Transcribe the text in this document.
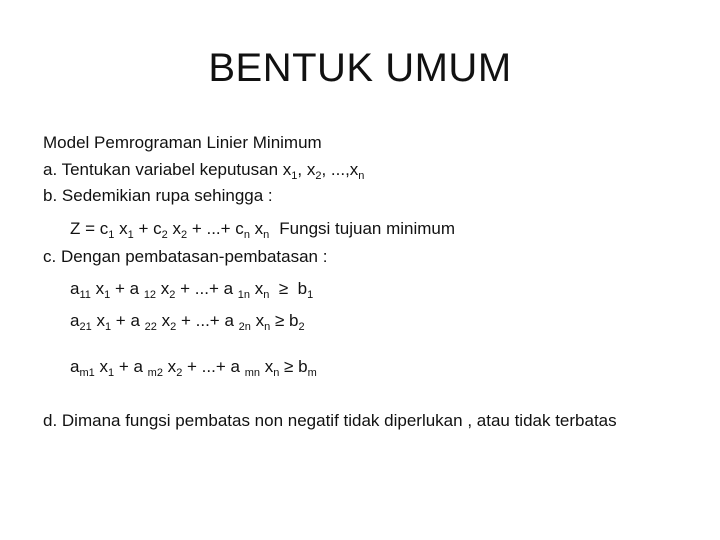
BENTUK UMUM
Model Pemrograman Linier Minimum
a. Tentukan variabel keputusan $x_1$, $x_2$, $...,x_n$
b. Sedemikian rupa sehingga :
$Z = c_1$ $x_1 + c_2$ $x_2$ + ...+ $c_n$ $x_n$ Fungsi tujuan minimum
c. Dengan pembatasan-pembatasan :
$a_{11}$ $x_1 + a$ $_{12}$ $x_2$ + ...+ a $_{1n}$ $x_n \ge b_1$
$a_{21}$ $x_1 + a$ $_{22}$ $x_2$ + ...+ a $_{2n}$ $x_n \ge b_2$
$a_{m1}$ $x_1 + a$ $_{m2}$ $x_2$ + ...+ a $_{mn}$ $x_n \ge b_m$
d. Dimana fungsi pembatas non negatif tidak diperlukan , atau tidak terbatas
